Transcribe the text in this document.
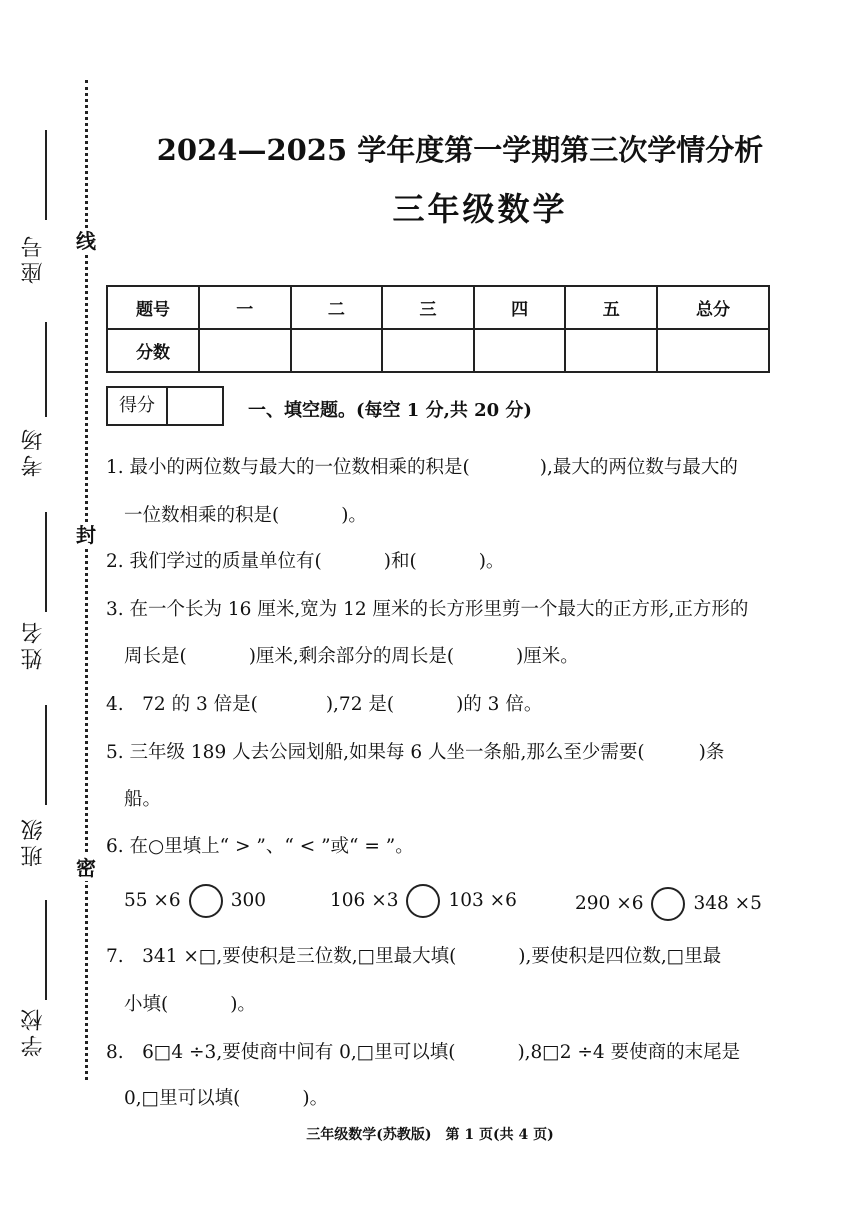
线
封
密
座号
考场
姓名
班级
学校
2024—2025 学年度第一学期第三次学情分析
三年级数学
题号	一	二	三	四	五	总分
分数						
得分	一、填空题。(每空 1 分,共 20 分)
1. 最小的两位数与最大的一位数相乘的积是(	),最大的两位数与最大的
一位数相乘的积是(	)。
2. 我们学过的质量单位有(	)和(	)。
3. 在一个长为 16 厘米,宽为 12 厘米的长方形里剪一个最大的正方形,正方形的
周长是(	)厘米,剩余部分的周长是(	)厘米。
4.　72 的 3 倍是(	),72 是(	)的 3 倍。
5. 三年级 189 人去公园划船,如果每 6 人坐一条船,那么至少需要(	)条
船。
6. 在○里填上“ > ”、“ < ”或“ = ”。
55 ×6	300	106 ×3	103 ×6	290 ×6	348 ×5
7.　341 ×□,要使积是三位数,□里最大填(	),要使积是四位数,□里最
小填(	)。
8.　6□4 ÷3,要使商中间有 0,□里可以填(	),8□2 ÷4 要使商的末尾是
0,□里可以填(	)。
三年级数学(苏教版)　第 1 页(共 4 页)
